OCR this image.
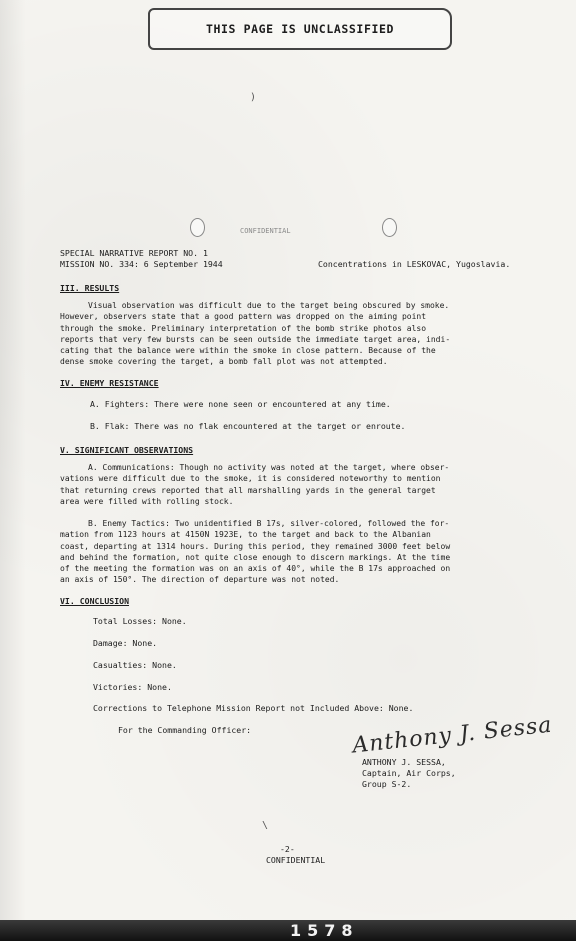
THIS PAGE IS UNCLASSIFIED
)
CONFIDENTIAL
SPECIAL NARRATIVE REPORT NO. 1
MISSION NO. 334: 6 September 1944	Concentrations in LESKOVAC, Yugoslavia.
III. RESULTS
Visual observation was difficult due to the target being obscured by smoke.
However, observers state that a good pattern was dropped on the aiming point
through the smoke. Preliminary interpretation of the bomb strike photos also
reports that very few bursts can be seen outside the immediate target area, indi-
cating that the balance were within the smoke in close pattern. Because of the
dense smoke covering the target, a bomb fall plot was not attempted.
IV. ENEMY RESISTANCE
A. Fighters: There were none seen or encountered at any time.
B. Flak: There was no flak encountered at the target or enroute.
V. SIGNIFICANT OBSERVATIONS
A. Communications: Though no activity was noted at the target, where obser-
vations were difficult due to the smoke, it is considered noteworthy to mention
that returning crews reported that all marshalling yards in the general target
area were filled with rolling stock.
B. Enemy Tactics: Two unidentified B 17s, silver-colored, followed the for-
mation from 1123 hours at 4150N 1923E, to the target and back to the Albanian
coast, departing at 1314 hours. During this period, they remained 3000 feet below
and behind the formation, not quite close enough to discern markings. At the time
of the meeting the formation was on an axis of 40°, while the B 17s approached on
an axis of 150°. The direction of departure was not noted.
VI. CONCLUSION
Total Losses: None.
Damage: None.
Casualties: None.
Victories: None.
Corrections to Telephone Mission Report not Included Above: None.
For the Commanding Officer:	Anthony J. Sessa
ANTHONY J. SESSA,
Captain, Air Corps,
Group S-2.
\
-2-
CONFIDENTIAL
1578
